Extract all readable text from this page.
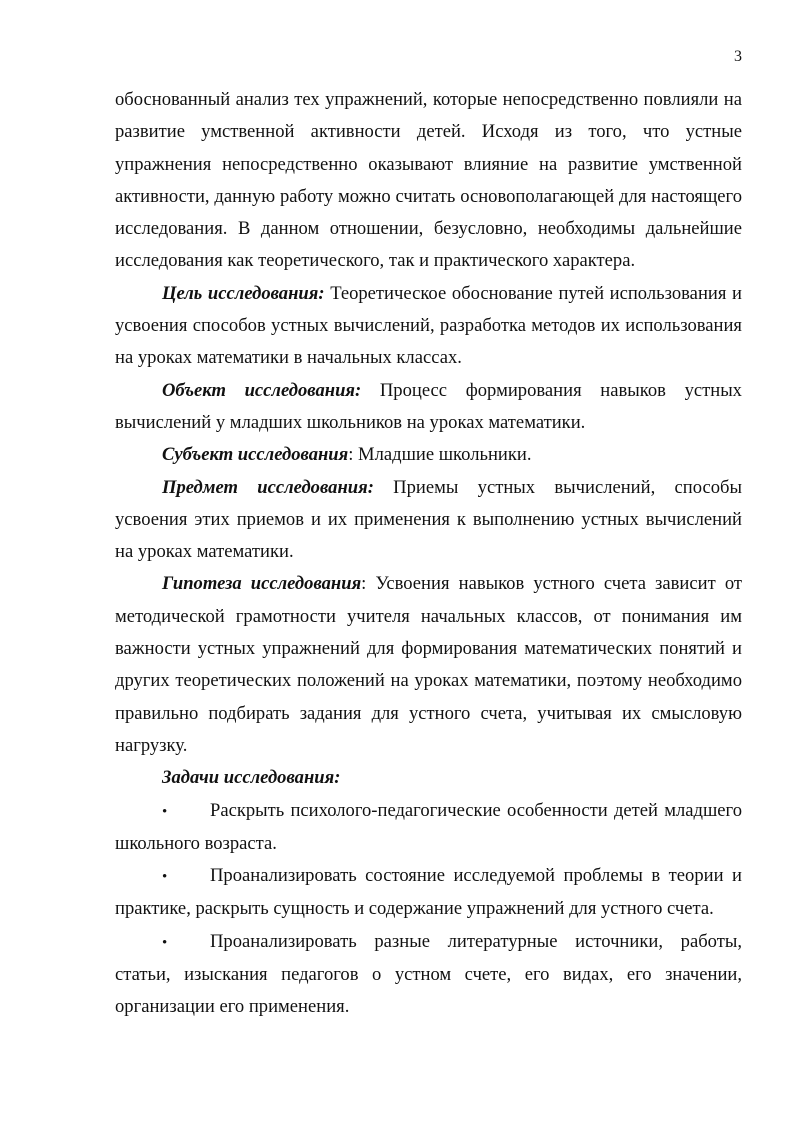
3

обоснованный анализ тех упражнений, которые непосредственно повлияли на развитие умственной активности детей. Исходя из того, что устные упражнения непосредственно оказывают влияние на развитие умственной активности, данную работу можно считать основополагающей для настоящего исследования. В данном отношении, безусловно, необходимы дальнейшие исследования как теоретического, так и практического характера.

Цель исследования: Теоретическое обоснование путей использования и усвоения способов устных вычислений, разработка методов их использования на уроках математики в начальных классах.

Объект исследования: Процесс формирования навыков устных вычислений у младших школьников на уроках математики.

Субъект исследования: Младшие школьники.

Предмет исследования: Приемы устных вычислений, способы усвоения этих приемов и их применения к выполнению устных вычислений на уроках математики.

Гипотеза исследования: Усвоения навыков устного счета зависит от методической грамотности учителя начальных классов, от понимания им важности устных упражнений для формирования математических понятий и других теоретических положений на уроках математики, поэтому необходимо правильно подбирать задания для устного счета, учитывая их смысловую нагрузку.

Задачи исследования:

• Раскрыть психолого-педагогические особенности детей младшего школьного возраста.

• Проанализировать состояние исследуемой проблемы в теории и практике, раскрыть сущность и содержание упражнений для устного счета.

• Проанализировать разные литературные источники, работы, статьи, изыскания педагогов о устном счете, его видах, его значении, организации его применения.
